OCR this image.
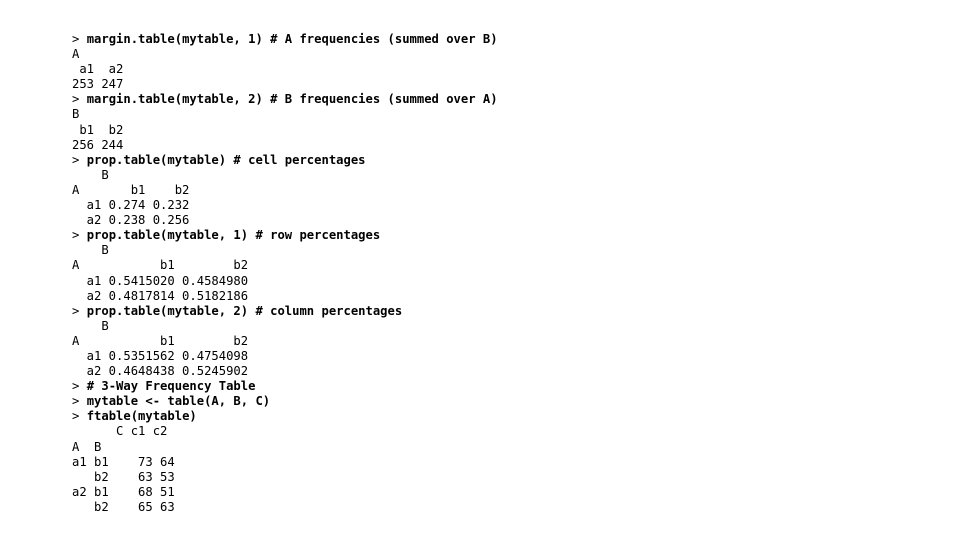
> margin.table(mytable, 1) # A frequencies (summed over B)
A
a1  a2
253 247
> margin.table(mytable, 2) # B frequencies (summed over A)
B
b1  b2
256 244
> prop.table(mytable) # cell percentages
B
A       b1    b2
a1 0.274 0.232
a2 0.238 0.256
> prop.table(mytable, 1) # row percentages
B
A           b1        b2
a1 0.5415020 0.4584980
a2 0.4817814 0.5182186
> prop.table(mytable, 2) # column percentages
B
A           b1        b2
a1 0.5351562 0.4754098
a2 0.4648438 0.5245902
> # 3-Way Frequency Table
> mytable <- table(A, B, C)
> ftable(mytable)
C c1 c2
A  B
a1 b1    73 64
b2    63 53
a2 b1    68 51
b2    65 63
